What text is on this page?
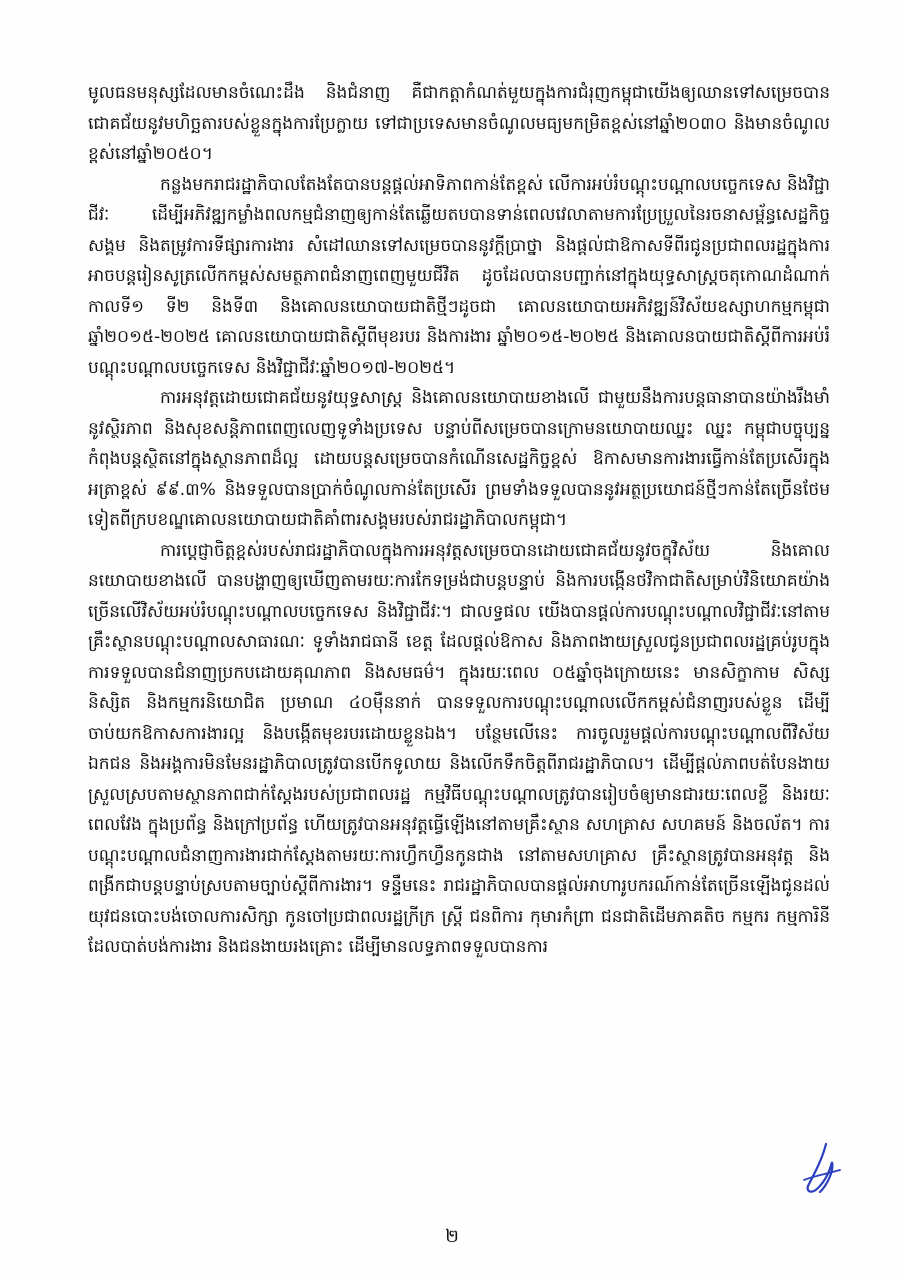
មូលធនមនុស្សដែលមានចំណេះដឹង និងជំនាញ គឺជាកត្តាកំណត់មួយក្នុងការជំរុញកម្ពុជាយើងឲ្យឈានទៅសម្រេចបានជោគជ័យនូវមហិច្ឆតារបស់ខ្លួនក្នុងការប្រែក្លាយ ទៅជាប្រទេសមានចំណូលមធ្យមកម្រិតខ្ពស់នៅឆ្នាំ២០៣០ និងមានចំណូលខ្ពស់នៅឆ្នាំ២០៥០។

កន្លងមករាជរដ្ឋាភិបាលតែងតែបានបន្តផ្តល់អាទិភាពកាន់តែខ្ពស់ លើការអប់រំបណ្តុះបណ្តាលបច្ចេកទេស និងវិជ្ជាជីវៈ ដើម្បីអភិវឌ្ឍកម្លាំងពលកម្មជំនាញឲ្យកាន់តែឆ្លើយតបបានទាន់ពេលវេលាតាមការប្រែប្រួលនៃរចនាសម្ព័ន្ធសេដ្ឋកិច្ចសង្គម និងតម្រូវការទីផ្សារការងារ សំដៅឈានទៅសម្រេចបាននូវក្តីប្រាថ្នា និងផ្តល់ជាឱកាសទីពីរជូនប្រជាពលរដ្ឋក្នុងការអាចបន្តរៀនសូត្រលើកកម្ពស់សមត្ថភាពជំនាញពេញមួយជីវិត ដូចដែលបានបញ្ជាក់នៅក្នុងយុទ្ធសាស្ត្រចតុកោណដំណាក់កាលទី១ ទី២ និងទី៣ និងគោលនយោបាយជាតិថ្មីៗដូចជា គោលនយោបាយអភិវឌ្ឍន៍វិស័យឧស្សាហកម្មកម្ពុជា ឆ្នាំ២០១៥-២០២៥ គោលនយោបាយជាតិស្តីពីមុខរបរ និងការងារ ឆ្នាំ២០១៥-២០២៥ និងគោលនបាយជាតិស្តីពីការអប់រំបណ្តុះបណ្តាលបច្ចេកទេស និងវិជ្ជាជីវៈឆ្នាំ២០១៧-២០២៥។

ការអនុវត្តដោយជោគជ័យនូវយុទ្ធសាស្ត្រ និងគោលនយោបាយខាងលើ ជាមួយនឹងការបន្តធានាបានយ៉ាងរឹងមាំនូវស្ថិរភាព និងសុខសន្តិភាពពេញលេញទូទាំងប្រទេស បន្ទាប់ពីសម្រេចបានក្រោមនយោបាយឈ្នះ ឈ្នះ កម្ពុជាបច្ចុប្បន្នកំពុងបន្តស្ថិតនៅក្នុងស្ថានភាពដ៏ល្អ ដោយបន្តសម្រេចបានកំណើនសេដ្ឋកិច្ចខ្ពស់ ឱកាសមានការងារធ្វើកាន់តែប្រសើរក្នុងអត្រាខ្ពស់ ៩៩.៣% និងទទួលបានប្រាក់ចំណូលកាន់តែប្រសើរ ព្រមទាំងទទួលបាននូវអត្ថប្រយោជន៍ថ្មីៗកាន់តែច្រើនថែមទៀតពីក្របខណ្ឌគោលនយោបាយជាតិគាំពារសង្គមរបស់រាជរដ្ឋាភិបាលកម្ពុជា។

ការប្តេជ្ញាចិត្តខ្ពស់របស់រាជរដ្ឋាភិបាលក្នុងការអនុវត្តសម្រេចបានដោយជោគជ័យនូវចក្ខុវិស័យ និងគោលនយោបាយខាងលើ បានបង្ហាញឲ្យឃើញតាមរយៈការកែទម្រង់ជាបន្តបន្ទាប់ និងការបង្កើនថវិកាជាតិសម្រាប់វិនិយោគយ៉ាងច្រើនលើវិស័យអប់រំបណ្តុះបណ្តាលបច្ចេកទេស និងវិជ្ជាជីវៈ។ ជាលទ្ធផល យើងបានផ្តល់ការបណ្តុះបណ្តាលវិជ្ជាជីវៈនៅតាមគ្រឹះស្ថានបណ្តុះបណ្តាលសាធារណៈ ទូទាំងរាជធានី ខេត្ត ដែលផ្តល់ឱកាស និងភាពងាយស្រួលជូនប្រជាពលរដ្ឋគ្រប់រូបក្នុងការទទួលបានជំនាញប្រកបដោយគុណភាព និងសមធម៌។ ក្នុងរយៈពេល ០៥ឆ្នាំចុងក្រោយនេះ មានសិក្ខាកាម សិស្ស និស្សិត និងកម្មករនិយោជិត ប្រមាណ ៤០ម៉ឺននាក់ បានទទួលការបណ្តុះបណ្តាលលើកកម្ពស់ជំនាញរបស់ខ្លួន ដើម្បីចាប់យកឱកាសការងារល្អ និងបង្កើតមុខរបរដោយខ្លួនឯង។ បន្ថែមលើនេះ ការចូលរួមផ្តល់ការបណ្តុះបណ្តាលពីវិស័យឯកជន និងអង្គការមិនមែនរដ្ឋាភិបាលត្រូវបានបើកទូលាយ និងលើកទឹកចិត្តពីរាជរដ្ឋាភិបាល។ ដើម្បីផ្តល់ភាពបត់បែនងាយស្រួលស្របតាមស្ថានភាពជាក់ស្តែងរបស់ប្រជាពលរដ្ឋ កម្មវិធីបណ្តុះបណ្តាលត្រូវបានរៀបចំឲ្យមានជារយៈពេលខ្លី និងរយៈពេលវែង ក្នុងប្រព័ន្ធ និងក្រៅប្រព័ន្ធ ហើយត្រូវបានអនុវត្តធ្វើឡើងនៅតាមគ្រឹះស្ថាន សហគ្រាស សហគមន៍ និងចល័ត។ ការបណ្តុះបណ្តាលជំនាញការងារជាក់ស្តែងតាមរយៈការហ្វឹកហ្វឺនកូនជាង នៅតាមសហគ្រាស គ្រឹះស្ថានត្រូវបានអនុវត្ត និងពង្រីកជាបន្តបន្ទាប់ស្របតាមច្បាប់ស្តីពីការងារ។ ទន្ទឹមនេះ រាជរដ្ឋាភិបាលបានផ្តល់អាហារូបករណ៍កាន់តែច្រើនឡើងជូនដល់យុវជនបោះបង់ចោលការសិក្សា កូនចៅប្រជាពលរដ្ឋក្រីក្រ ស្ត្រី ជនពិការ កុមារកំព្រា ជនជាតិដើមភាគតិច កម្មករ កម្មការិនីដែលបាត់បង់ការងារ និងជនងាយរងគ្រោះ ដើម្បីមានលទ្ធភាពទទួលបានការ

២
